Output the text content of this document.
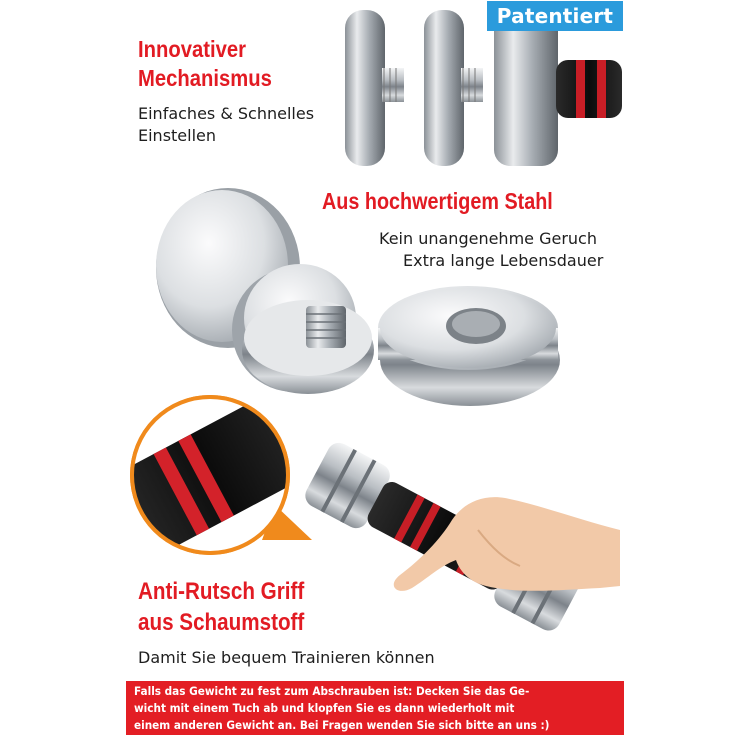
Patentiert
Innovativer
Mechanismus
Einfaches & Schnelles
Einstellen
Aus hochwertigem Stahl
Kein unangenehme Geruch
Extra lange Lebensdauer
Anti-Rutsch Griff
aus Schaumstoff
Damit Sie bequem Trainieren können
Falls das Gewicht zu fest zum Abschrauben ist: Decken Sie das Ge-
wicht mit einem Tuch ab und klopfen Sie es dann wiederholt mit
einem anderen Gewicht an. Bei Fragen wenden Sie sich bitte an uns :)
